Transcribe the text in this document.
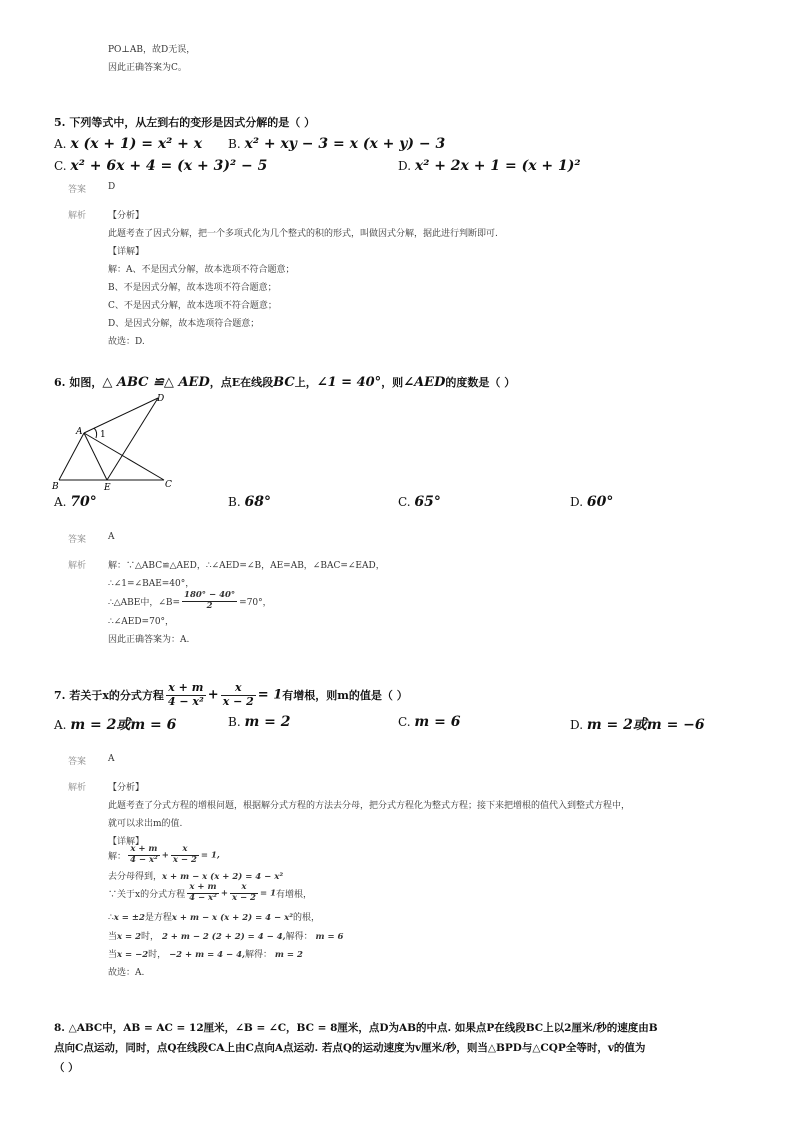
PO⊥AB，故D无误，
因此正确答案为C。
5. 下列等式中，从左到右的变形是因式分解的是（ ）
A. x (x + 1) = x² + x B. x² + xy − 3 = x (x + y) − 3
C. x² + 6x + 4 = (x + 3)² − 5	D. x² + 2x + 1 = (x + 1)²
答案 D
解析 【分析】
此题考查了因式分解，把一个多项式化为几个整式的积的形式，叫做因式分解，据此进行判断即可.
【详解】
解：A、不是因式分解，故本选项不符合题意；
B、不是因式分解，故本选项不符合题意；
C、不是因式分解，故本选项不符合题意；
D、是因式分解，故本选项符合题意；
故选：D.
6. 如图，△ ABC ≌△ AED，点E在线段BC上，∠1 = 40°，则∠AED的度数是（ ）
A
B	C
D
E
1
A. 70°	B. 68°	C. 65°	D. 60°
答案 A
解析 解：∵△ABC≌△AED，∴∠AED=∠B，AE=AB，∠BAC=∠EAD，
∴∠1=∠BAE=40°，
∴△ABE中，∠B= $\frac{180^\circ - 40^\circ}{2} =70^\circ$，
∴∠AED=70°，
因此正确答案为：A.
7. 若关于x的分式方程 $\frac{x + m}{\text{4 − x²}} + \frac{x}{x - 2} = 1$有增根，则m的值是（ ）
A. m = 2或m = 6	B. m = 2	C. m = 6	D. m = 2或m = −6
答案 A
解析 【分析】
此题考查了分式方程的增根问题，根据解分式方程的方法去分母，把分式方程化为整式方程；接下来把增根的值代入到整式方程中，
就可以求出m的值.
【详解】
解： $\frac{x + m}{\text{4 − x²}} + \frac{x}{x - 2} = 1$,
去分母得到，x + m − x (x + 2) = 4 − x²
∵关于x的分式方程 $\frac{x + m}{\text{4 − x²}} + \frac{x}{x - 2} = 1$有增根，
∴x = ±2是方程x + m − x (x + 2) = 4 − x²的根，
当x = 2时， 2 + m − 2 (2 + 2) = 4 − 4,解得： m = 6
当x = −2时， −2 + m = 4 − 4,解得： m = 2
故选：A.
8. △ABC中，AB = AC = 12厘米，∠B = ∠C，BC = 8厘米，点D为AB的中点. 如果点P在线段BC上以2厘米/秒的速度由B
点向C点运动，同时，点Q在线段CA上由C点向A点运动. 若点Q的运动速度为v厘米/秒，则当△BPD与△CQP全等时，v的值为
（ ）
